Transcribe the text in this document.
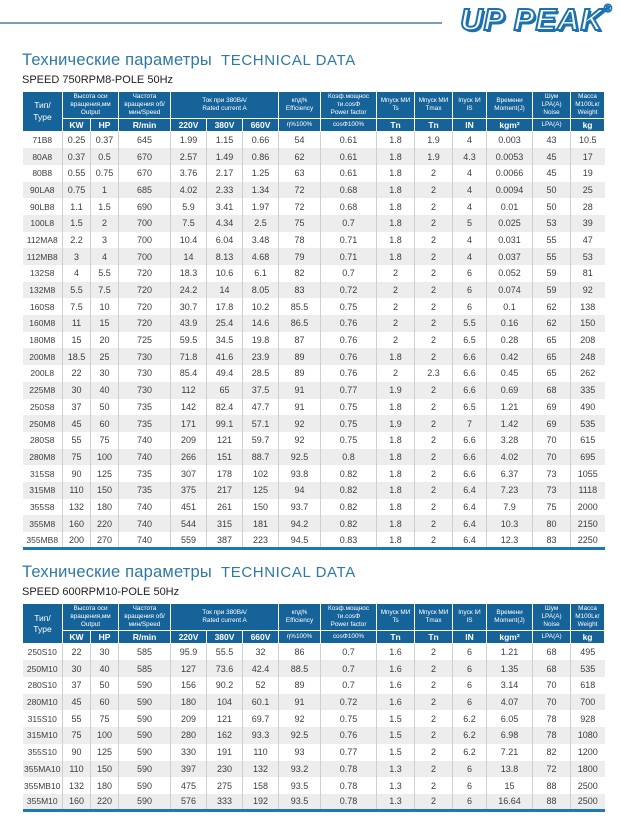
UP PEAK®
Технические параметры TECHNICAL DATA
SPEED 750RPM8-POLE 50Hz
Тип/
Type	Высота оси
вращения,мм
Output		Частота
вращения об/
мин/Speed	Ток при 380ВА/
Rated current A			кпд%
Efficiency	Коэф.мощнос
ти.cosΦ
Power factor	Мпуск МИ
Ts	Мпуск МИ
Tmax	Iпуск IИ
IS	Времени
Moment(J)	Шум
LPA(A)
Noise	Масса
M100Lкг
Weight
	KW	HP	R/min	220V	380V	660V	η%100%	cosΦ100%	Tn	Tn	IN	kgm²	LPA(A)	kg
71B8	0.25	0.37	645	1.99	1.15	0.66	54	0.61	1.8	1.9	4	0.003	43	10.5
80A8	0.37	0.5	670	2.57	1.49	0.86	62	0.61	1.8	1.9	4.3	0.0053	45	17
80B8	0.55	0.75	670	3.76	2.17	1.25	63	0.61	1.8	2	4	0.0066	45	19
90LA8	0.75	1	685	4.02	2.33	1.34	72	0.68	1.8	2	4	0.0094	50	25
90LB8	1.1	1.5	690	5.9	3.41	1.97	72	0.68	1.8	2	4	0.01	50	28
100L8	1.5	2	700	7.5	4.34	2.5	75	0.7	1.8	2	5	0.025	53	39
112MA8	2.2	3	700	10.4	6.04	3.48	78	0.71	1.8	2	4	0.031	55	47
112MB8	3	4	700	14	8.13	4.68	79	0.71	1.8	2	4	0.037	55	53
132S8	4	5.5	720	18.3	10.6	6.1	82	0.7	2	2	6	0.052	59	81
132M8	5.5	7.5	720	24.2	14	8.05	83	0.72	2	2	6	0.074	59	92
160S8	7.5	10	720	30.7	17.8	10.2	85.5	0.75	2	2	6	0.1	62	138
160M8	11	15	720	43.9	25.4	14.6	86.5	0.76	2	2	5.5	0.16	62	150
180M8	15	20	725	59.5	34.5	19.8	87	0.76	2	2	6.5	0.28	65	208
200M8	18.5	25	730	71.8	41.6	23.9	89	0.76	1.8	2	6.6	0.42	65	248
200L8	22	30	730	85.4	49.4	28.5	89	0.76	2	2.3	6.6	0.45	65	262
225M8	30	40	730	112	65	37.5	91	0.77	1.9	2	6.6	0.69	68	335
250S8	37	50	735	142	82.4	47.7	91	0.75	1.8	2	6.5	1.21	69	490
250M8	45	60	735	171	99.1	57.1	92	0.75	1.9	2	7	1.42	69	535
280S8	55	75	740	209	121	59.7	92	0.75	1.8	2	6.6	3.28	70	615
280M8	75	100	740	266	151	88.7	92.5	0.8	1.8	2	6.6	4.02	70	695
315S8	90	125	735	307	178	102	93.8	0.82	1.8	2	6.6	6.37	73	1055
315M8	110	150	735	375	217	125	94	0.82	1.8	2	6.4	7.23	73	1118
355S8	132	180	740	451	261	150	93.7	0.82	1.8	2	6.4	7.9	75	2000
355M8	160	220	740	544	315	181	94.2	0.82	1.8	2	6.4	10.3	80	2150
355MB8	200	270	740	559	387	223	94.5	0.83	1.8	2	6.4	12.3	83	2250
Технические параметры TECHNICAL DATA
SPEED 600RPM10-POLE 50Hz
Тип/
Type	Высота оси
вращения,мм
Output		Частота
вращения об/
мин/Speed	Ток при 380ВА/
Rated current A			кпд%
Efficiency	Коэф.мощнос
ти.cosΦ
Power factor	Мпуск МИ
Ts	Мпуск МИ
Tmax	Iпуск IИ
IS	Времени
Moment(J)	Шум
LPA(A)
Noise	Масса
M100Lкг
Weight
	KW	HP	R/min	220V	380V	660V	η%100%	cosΦ100%	Tn	Tn	IN	kgm²	LPA(A)	kg
250S10	22	30	585	95.9	55.5	32	86	0.7	1.6	2	6	1.21	68	495
250M10	30	40	585	127	73.6	42.4	88.5	0.7	1.6	2	6	1.35	68	535
280S10	37	50	590	156	90.2	52	89	0.7	1.6	2	6	3.14	70	618
280M10	45	60	590	180	104	60.1	91	0.72	1.6	2	6	4.07	70	700
315S10	55	75	590	209	121	69.7	92	0.75	1.5	2	6.2	6.05	78	928
315M10	75	100	590	280	162	93.3	92.5	0.76	1.5	2	6.2	6.98	78	1080
355S10	90	125	590	330	191	110	93	0.77	1.5	2	6.2	7.21	82	1200
355MA10	110	150	590	397	230	132	93.2	0.78	1.3	2	6	13.8	72	1800
355MB10	132	180	590	475	275	158	93.5	0.78	1.3	2	6	15	88	2500
355M10	160	220	590	576	333	192	93.5	0.78	1.3	2	6	16.64	88	2500
